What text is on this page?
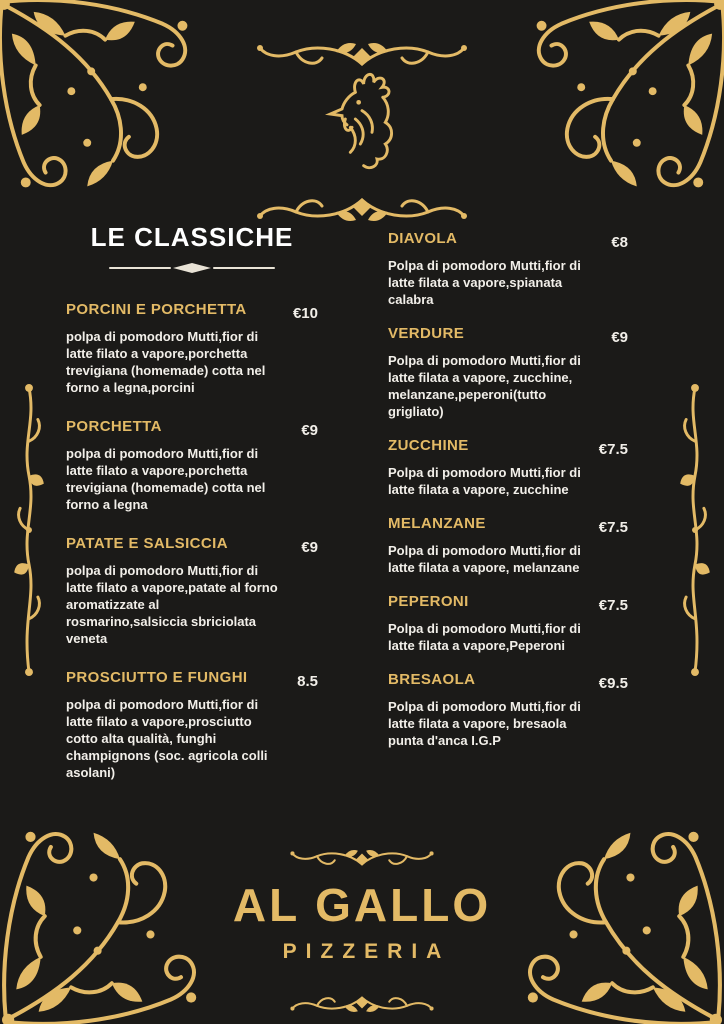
LE CLASSICHE
PORCINI E PORCHETTA	€10

polpa di pomodoro Mutti,fior di latte filato a vapore,porchetta trevigiana (homemade) cotta nel forno a legna,porcini

PORCHETTA	€9

polpa di pomodoro Mutti,fior di latte filato a vapore,porchetta trevigiana (homemade) cotta nel forno a legna

PATATE E SALSICCIA	€9

polpa di pomodoro Mutti,fior di latte filato a vapore,patate al forno aromatizzate al rosmarino,salsiccia sbriciolata veneta

PROSCIUTTO E FUNGHI	8.5

polpa di pomodoro Mutti,fior di latte filato a vapore,prosciutto cotto alta qualità, funghi champignons (soc. agricola colli asolani)

DIAVOLA	€8

Polpa di pomodoro Mutti,fior di latte filata a vapore,spianata calabra

VERDURE	€9

Polpa di pomodoro Mutti,fior di latte filata a vapore, zucchine, melanzane,peperoni(tutto grigliato)

ZUCCHINE	€7.5

Polpa di pomodoro Mutti,fior di latte filata a vapore, zucchine

MELANZANE	€7.5

Polpa di pomodoro Mutti,fior di latte filata a vapore, melanzane

PEPERONI	€7.5

Polpa di pomodoro Mutti,fior di latte filata a vapore,Peperoni

BRESAOLA	€9.5

Polpa di pomodoro Mutti,fior di latte filata a vapore, bresaola punta d'anca I.G.P

AL GALLO
PIZZERIA
